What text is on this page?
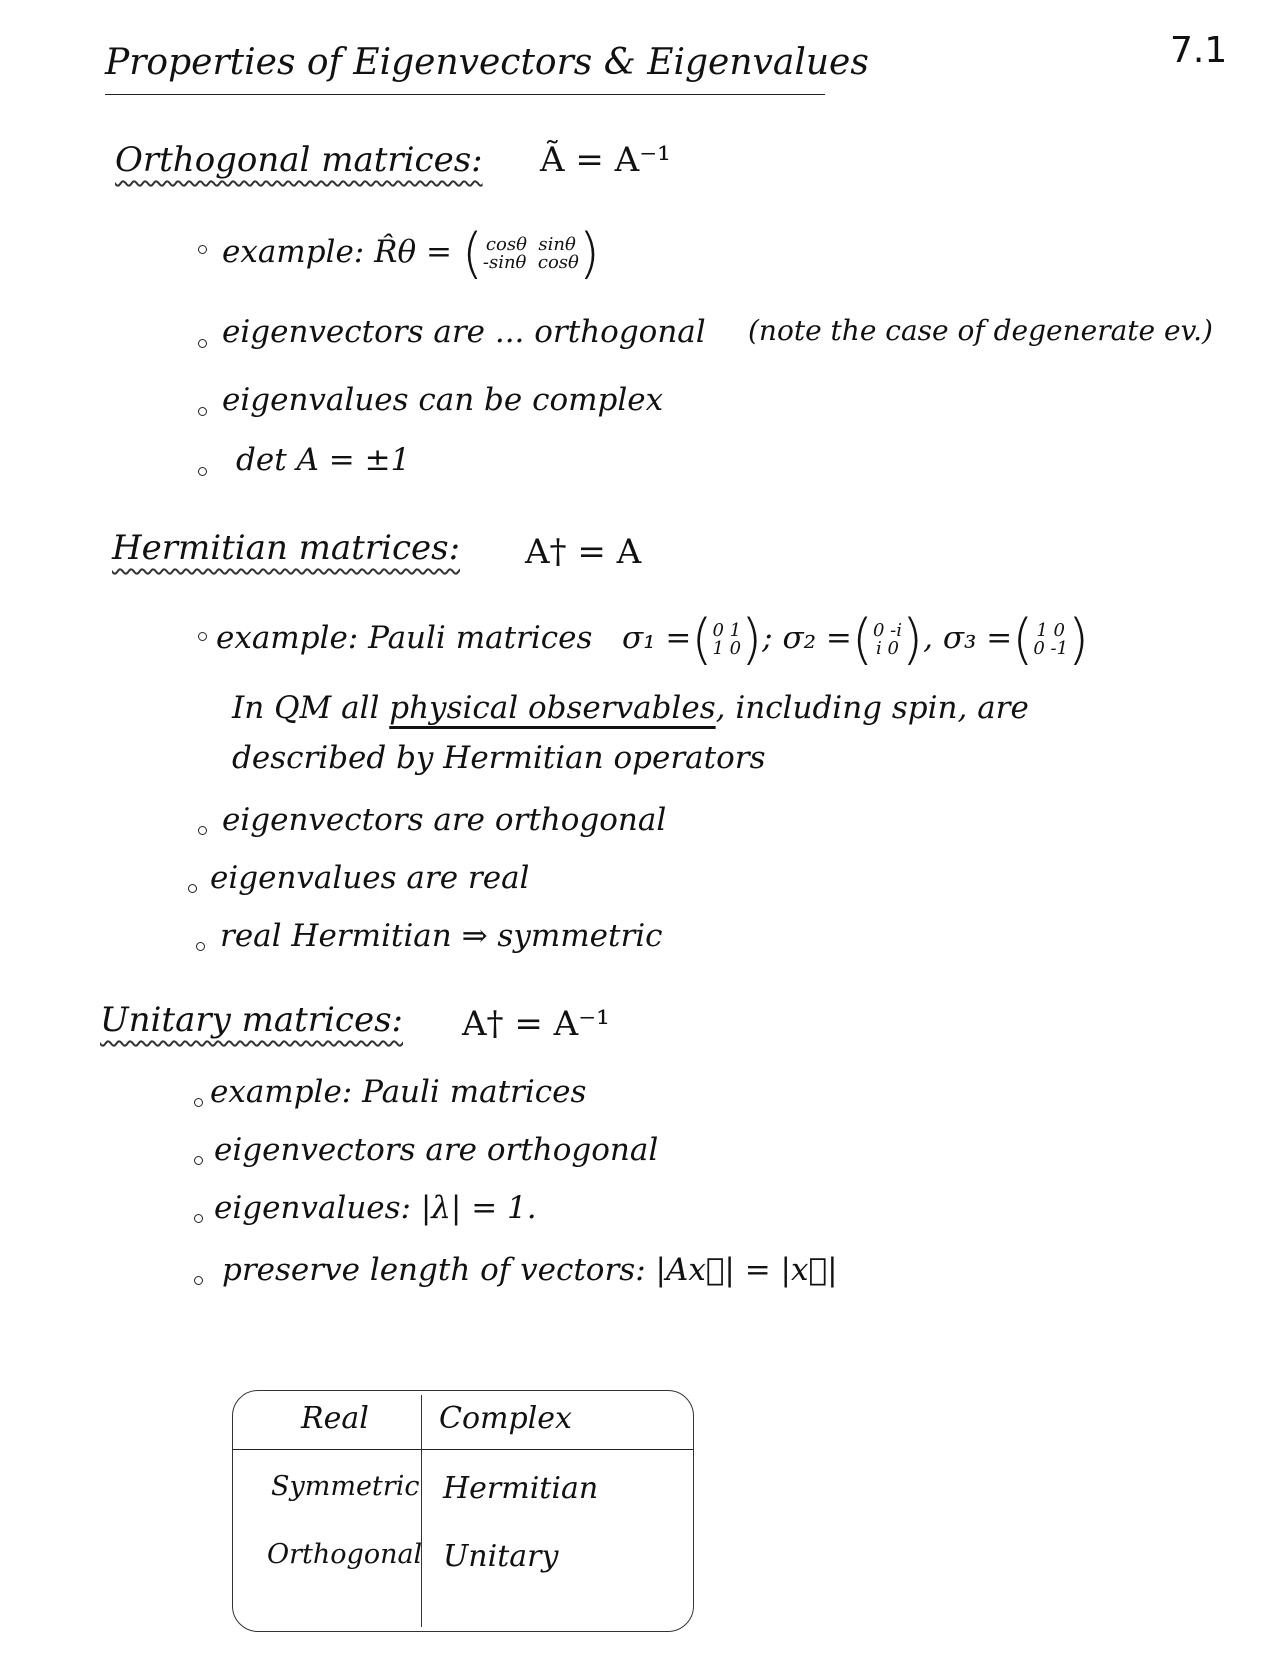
7.1
Properties of Eigenvectors & Eigenvalues
Orthogonal matrices: Ã = A⁻¹
example: R̂θ = ( cosθ sinθ
-sinθ cosθ)
eigenvectors are ... orthogonal (note the case of degenerate ev.)
eigenvalues can be complex
det A = ±1
Hermitian matrices: A† = A
example: Pauli matrices σ₁ =(0 1
1 0); σ₂ =(0 -i
i 0), σ₃ =( 1 0
0 -1)
In QM all physical observables, including spin, are
described by Hermitian operators
eigenvectors are orthogonal
eigenvalues are real
real Hermitian ⇒ symmetric
Unitary matrices: A† = A⁻¹
example: Pauli matrices
eigenvectors are orthogonal
eigenvalues: |λ| = 1.
preserve length of vectors: |Ax⃗| = |x⃗|
Real Complex
Symmetric Hermitian
Orthogonal Unitary
